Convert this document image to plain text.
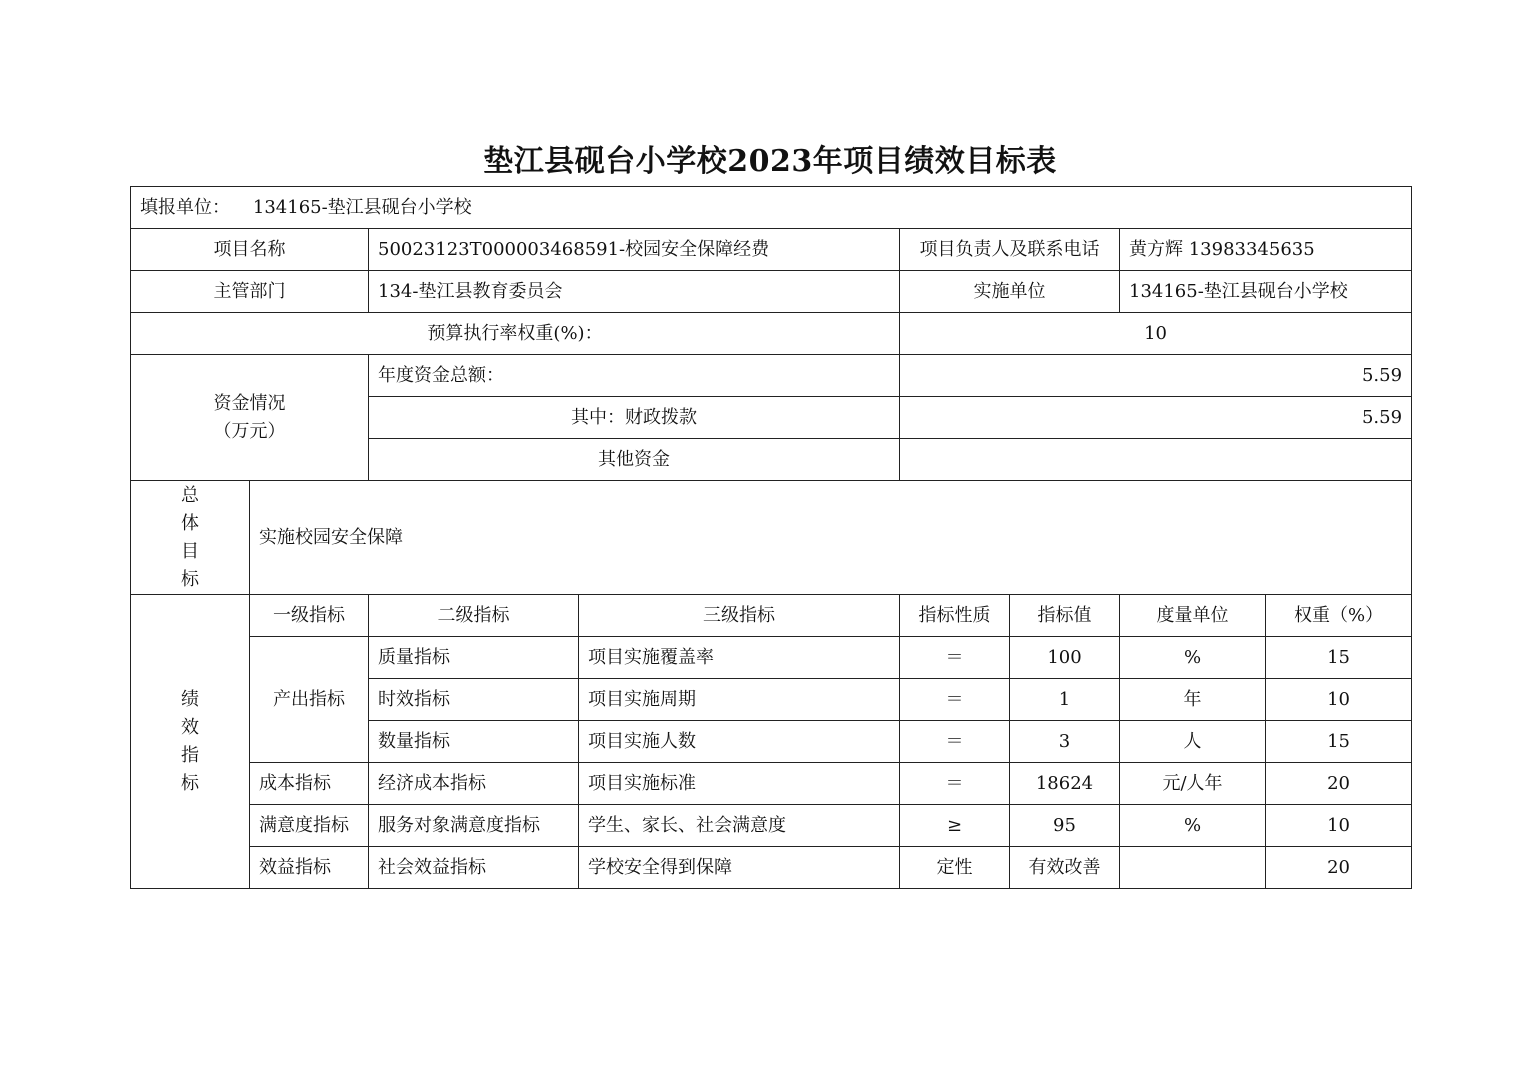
垫江县砚台小学校2023年项目绩效目标表
填报单位： 134165-垫江县砚台小学校							
项目名称		50023123T000003468591-校园安全保障经费		项目负责人及联系电话		黄方辉 13983345635	
主管部门		134-垫江县教育委员会		实施单位		134165-垫江县砚台小学校	
预算执行率权重(%)：				10			
资金情况
（万元）		年度资金总额：		5.59			
		其中：财政拨款		5.59			
		其他资金					

总
体
目
标	实施校园安全保障						

绩
效
指
标	一级指标	二级指标	三级指标	指标性质	指标值	度量单位	权重（%）
	产出指标	质量指标	项目实施覆盖率	＝	100	%	15
		时效指标	项目实施周期	＝	1	年	10
		数量指标	项目实施人数	＝	3	人	15
	成本指标	经济成本指标	项目实施标准	＝	18624	元/人年	20
	满意度指标	服务对象满意度指标	学生、家长、社会满意度	≥	95	%	10
	效益指标	社会效益指标	学校安全得到保障	定性	有效改善		20
